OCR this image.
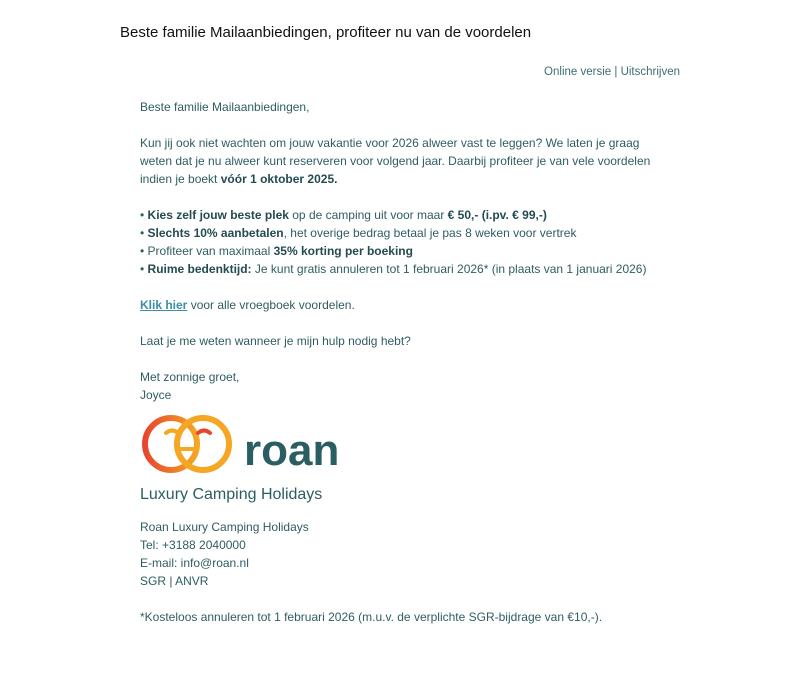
Beste familie Mailaanbiedingen, profiteer nu van de voordelen
Online versie | Uitschrijven

Beste familie Mailaanbiedingen,

Kun jij ook niet wachten om jouw vakantie voor 2026 alweer vast te leggen? We laten je graag weten dat je nu alweer kunt reserveren voor volgend jaar. Daarbij profiteer je van vele voordelen indien je boekt vóór 1 oktober 2025.

• Kies zelf jouw beste plek op de camping uit voor maar € 50,- (i.pv. € 99,-)

• Slechts 10% aanbetalen, het overige bedrag betaal je pas 8 weken voor vertrek

• Profiteer van maximaal 35% korting per boeking

• Ruime bedenktijd: Je kunt gratis annuleren tot 1 februari 2026* (in plaats van 1 januari 2026)

Klik hier voor alle vroegboek voordelen.

Laat je me weten wanneer je mijn hulp nodig hebt?

Met zonnige groet,

Joyce

roan
Luxury Camping Holidays

Roan Luxury Camping Holidays

Tel: +3188 2040000

E-mail: info@roan.nl

SGR | ANVR

*Kosteloos annuleren tot 1 februari 2026 (m.u.v. de verplichte SGR-bijdrage van €10,-).
